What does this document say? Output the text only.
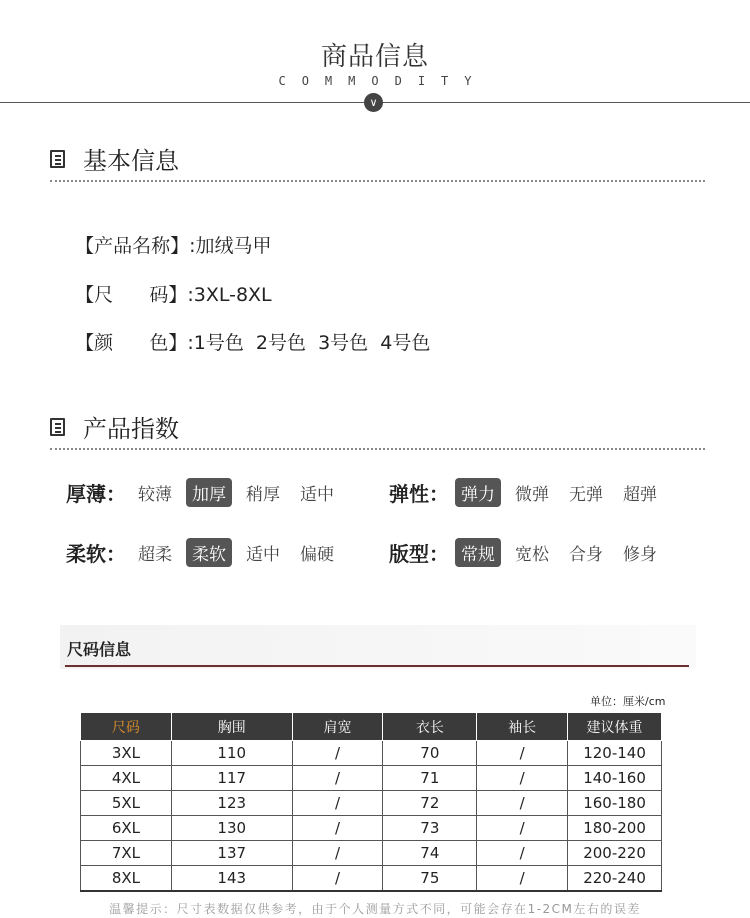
商品信息
COMMODITY
∨
基本信息

【产品名称】:加绒马甲

【尺      码】:3XL-8XL

【颜      色】:1号色  2号色  3号色  4号色

产品指数
厚薄： 较薄	加厚	稍厚	适中	弹性： 弹力	微弹	无弹	超弹
柔软： 超柔	柔软	适中	偏硬	版型： 常规	宽松	合身	修身
尺码信息
单位：厘米/cm
尺码	胸围	肩宽	衣长	袖长	建议体重
3XL	110	/	70	/	120-140
4XL	117	/	71	/	140-160
5XL	123	/	72	/	160-180
6XL	130	/	73	/	180-200
7XL	137	/	74	/	200-220
8XL	143	/	75	/	220-240
温馨提示：尺寸表数据仅供参考，由于个人测量方式不同，可能会存在1-2CM左右的误差
